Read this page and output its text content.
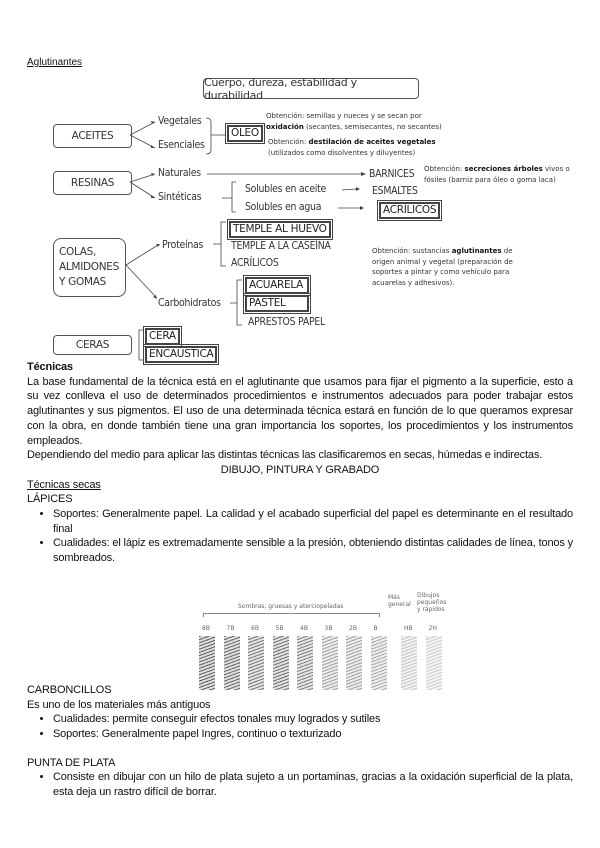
Aglutinantes
Cuerpo, dureza, estabilidad y durabilidad
ACEITES
Vegetales
Esenciales
ÓLEO
Obtención: semillas y nueces y se secan por
oxidación (secantes, semisecantes, no secantes)
Obtención: destilación de aceites vegetales
(utilizados como disolventes y diluyentes)
RESINAS
Naturales
Sintéticas
BARNICES
Solubles en aceite	ESMALTES
Solubles en agua	ACRÍLICOS
Obtención: secreciones árboles vivos o
fósiles (barniz para óleo o goma laca)
COLAS,
ALMIDONES
Y GOMAS
Proteínas
TEMPLE AL HUEVO
TEMPLE A LA CASEÍNA
ACRÍLICOS
Carbohidratos
ACUARELA
PASTEL
APRESTOS PAPEL
Obtención: sustancias aglutinantes de
origen animal y vegetal (preparación de
soportes a pintar y como vehículo para
acuarelas y adhesivos).
CERAS
CERA
ENCAÚSTICA

Técnicas

La base fundamental de la técnica está en el aglutinante que usamos para fijar el pigmento a la superficie, esto a su vez conlleva el uso de determinados procedimientos e instrumentos adecuados para poder trabajar estos aglutinantes y sus pigmentos. El uso de una determinada técnica estará en función de lo que queramos expresar con la obra, en donde también tiene una gran importancia los soportes, los procedimientos y los instrumentos empleados.

Dependiendo del medio para aplicar las distintas técnicas las clasificaremos en secas, húmedas e indirectas.

DIBUJO, PINTURA Y GRABADO

Técnicas secas

LÁPICES

• Soportes: Generalmente papel. La calidad y el acabado superficial del papel es determinante en el resultado final
• Cualidades: el lápiz es extremadamente sensible a la presión, obteniendo distintas calidades de línea, tonos y sombreados.

CARBONCILLOS

Es uno de los materiales más antiguos

• Cualidades: permite conseguir efectos tonales muy logrados y sutiles
• Soportes: Generalmente papel Ingres, continuo o texturizado

PUNTA DE PLATA

• Consiste en dibujar con un hilo de plata sujeto a un portaminas, gracias a la oxidación superficial de la plata, esta deja un rastro difícil de borrar.
Sombras, gruesas y aterciopeladas
Más general
Dibujos pequeños y rápidos
8B	7B	6B	5B	4B	3B	2B	B	HB	2H
